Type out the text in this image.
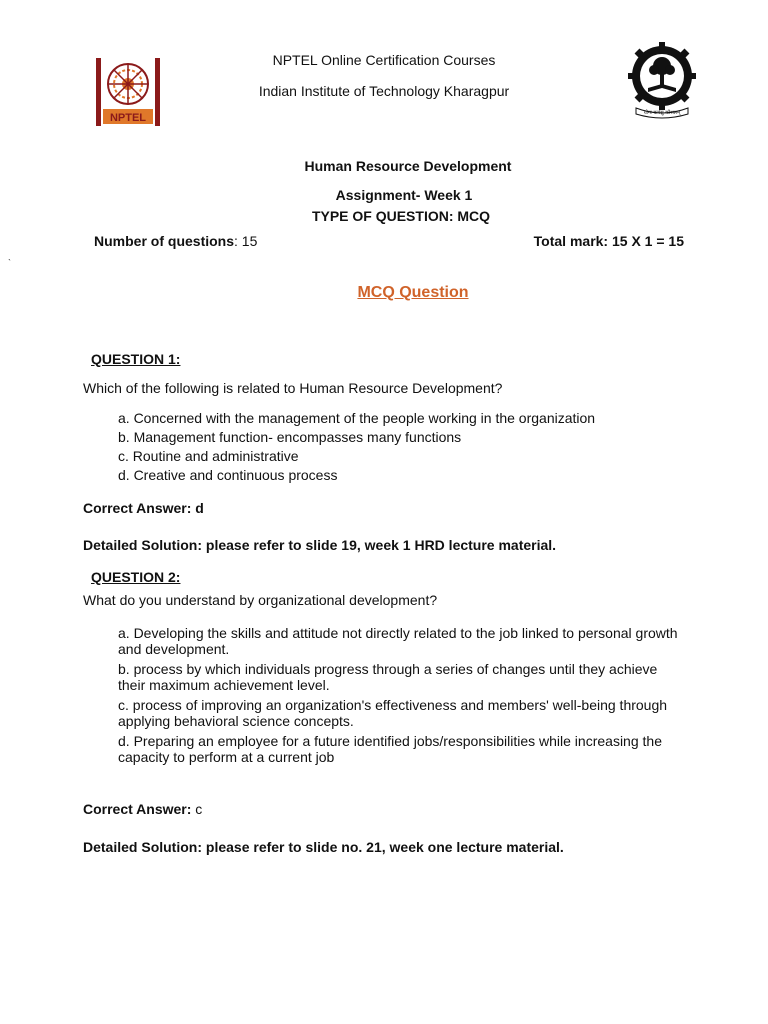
NPTEL	योगः कर्मसु कौशलम्
NPTEL Online Certification Courses
Indian Institute of Technology Kharagpur
Human Resource Development
Assignment- Week 1
TYPE OF QUESTION: MCQ
Number of questions: 15	Total mark: 15 X 1 = 15
`
MCQ Question
QUESTION 1:
Which of the following is related to Human Resource Development?
a. Concerned with the management of the people working in the organization
b. Management function- encompasses many functions
c. Routine and administrative
d. Creative and continuous process
Correct Answer: d
Detailed Solution: please refer to slide 19, week 1 HRD lecture material.
QUESTION 2:
What do you understand by organizational development?
a. Developing the skills and attitude not directly related to the job linked to personal growth and development.
b. process by which individuals progress through a series of changes until they achieve their maximum achievement level.
c. process of improving an organization's effectiveness and members' well-being through applying behavioral science concepts.
d. Preparing an employee for a future identified jobs/responsibilities while increasing the capacity to perform at a current job
Correct Answer: c
Detailed Solution: please refer to slide no. 21, week one lecture material.
